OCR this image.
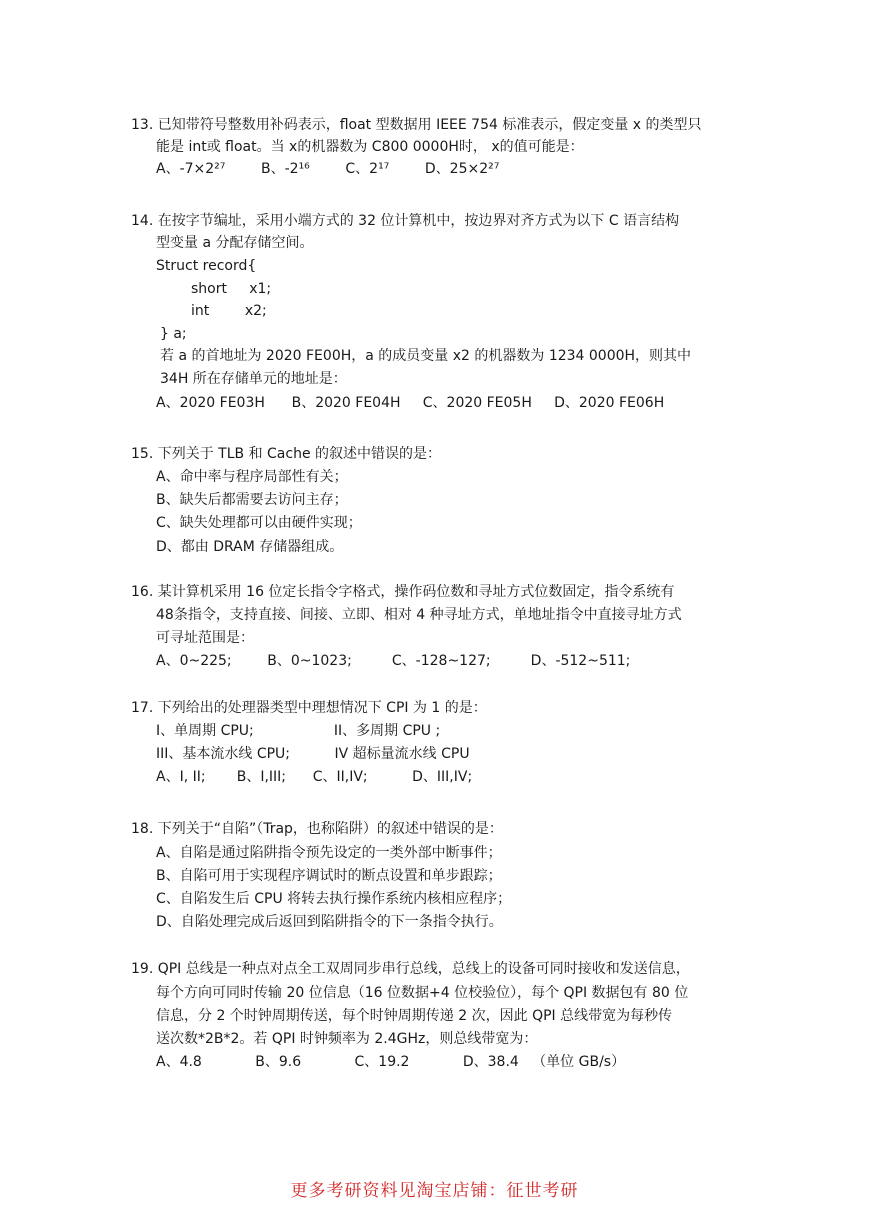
13. 已知带符号整数用补码表示，float 型数据用 IEEE 754 标准表示，假定变量 x 的类型只
能是 int或 float。当 x的机器数为 C800 0000H时， x的值可能是：
A、-7×2²⁷        B、-2¹⁶        C、2¹⁷        D、25×2²⁷
14. 在按字节编址，采用小端方式的 32 位计算机中，按边界对齐方式为以下 C 语言结构
型变量 a 分配存储空间。
Struct record{
short     x1;
int        x2;
} a;
若 a 的首地址为 2020 FE00H，a 的成员变量 x2 的机器数为 1234 0000H，则其中
34H 所在存储单元的地址是：
A、2020 FE03H      B、2020 FE04H     C、2020 FE05H     D、2020 FE06H
15. 下列关于 TLB 和 Cache 的叙述中错误的是：
A、命中率与程序局部性有关；
B、缺失后都需要去访问主存；
C、缺失处理都可以由硬件实现；
D、都由 DRAM 存储器组成。
16. 某计算机采用 16 位定长指令字格式，操作码位数和寻址方式位数固定，指令系统有
48条指令，支持直接、间接、立即、相对 4 种寻址方式，单地址指令中直接寻址方式
可寻址范围是：
A、0~225;        B、0~1023;         C、-128~127;         D、-512~511;
17. 下列给出的处理器类型中理想情况下 CPI 为 1 的是：
I、单周期 CPU;                  II、多周期 CPU ;
III、基本流水线 CPU;          IV 超标量流水线 CPU
A、I, II;       B、I,III;      C、II,IV;          D、III,IV;
18. 下列关于“自陷”（Trap，也称陷阱）的叙述中错误的是：
A、自陷是通过陷阱指令预先设定的一类外部中断事件；
B、自陷可用于实现程序调试时的断点设置和单步跟踪；
C、自陷发生后 CPU 将转去执行操作系统内核相应程序；
D、自陷处理完成后返回到陷阱指令的下一条指令执行。
19. QPI 总线是一种点对点全工双周同步串行总线，总线上的设备可同时接收和发送信息，
每个方向可同时传输 20 位信息（16 位数据+4 位校验位），每个 QPI 数据包有 80 位
信息，分 2 个时钟周期传送，每个时钟周期传递 2 次，因此 QPI 总线带宽为每秒传
送次数*2B*2。若 QPI 时钟频率为 2.4GHz，则总线带宽为：
A、4.8            B、9.6            C、19.2            D、38.4   （单位 GB/s）
更多考研资料见淘宝店铺：征世考研
